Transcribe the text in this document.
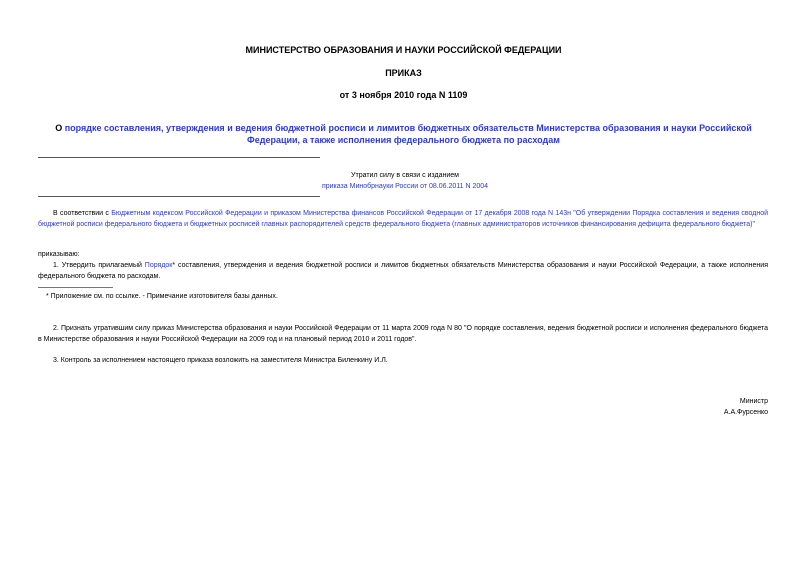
МИНИСТЕРСТВО ОБРАЗОВАНИЯ И НАУКИ РОССИЙСКОЙ ФЕДЕРАЦИИ
ПРИКАЗ
от 3 ноября 2010 года N 1109
О порядке составления, утверждения и ведения бюджетной росписи и лимитов бюджетных обязательств Министерства образования и науки Российской Федерации, а также исполнения федерального бюджета по расходам
Утратил силу в связи с изданием
приказа Минобрнауки России от 08.06.2011 N 2004
В соответствии с Бюджетным кодексом Российской Федерации и приказом Министерства финансов Российской Федерации от 17 декабря 2008 года N 143н "Об утверждении Порядка составления и ведения сводной бюджетной росписи федерального бюджета и бюджетных росписей главных распорядителей средств федерального бюджета (главных администраторов источников финансирования дефицита федерального бюджета)"
приказываю:
1. Утвердить прилагаемый Порядок* составления, утверждения и ведения бюджетной росписи и лимитов бюджетных обязательств Министерства образования и науки Российской Федерации, а также исполнения федерального бюджета по расходам.
* Приложение см. по ссылке. - Примечание изготовителя базы данных.
2. Признать утратившим силу приказ Министерства образования и науки Российской Федерации от 11 марта 2009 года N 80 "О порядке составления, ведения бюджетной росписи и исполнения федерального бюджета в Министерстве образования и науки Российской Федерации на 2009 год и на плановый период 2010 и 2011 годов".
3. Контроль за исполнением настоящего приказа возложить на заместителя Министра Биленкину И.Л.
Министр
А.А.Фурсенко
